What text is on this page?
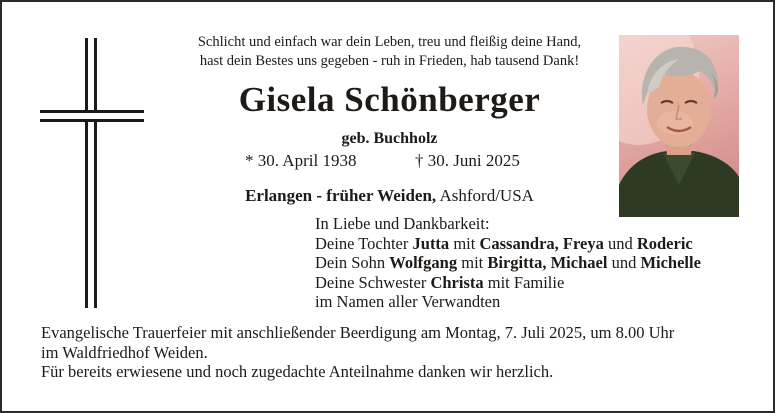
Schlicht und einfach war dein Leben, treu und fleißig deine Hand,
hast dein Bestes uns gegeben - ruh in Frieden, hab tausend Dank!
Gisela Schönberger
geb. Buchholz
* 30. April 1938	† 30. Juni 2025
Erlangen - früher Weiden, Ashford/USA
In Liebe und Dankbarkeit:
Deine Tochter Jutta mit Cassandra, Freya und Roderic
Dein Sohn Wolfgang mit Birgitta, Michael und Michelle
Deine Schwester Christa mit Familie
im Namen aller Verwandten
Evangelische Trauerfeier mit anschließender Beerdigung am Montag, 7. Juli 2025, um 8.00 Uhr
im Waldfriedhof Weiden.
Für bereits erwiesene und noch zugedachte Anteilnahme danken wir herzlich.
